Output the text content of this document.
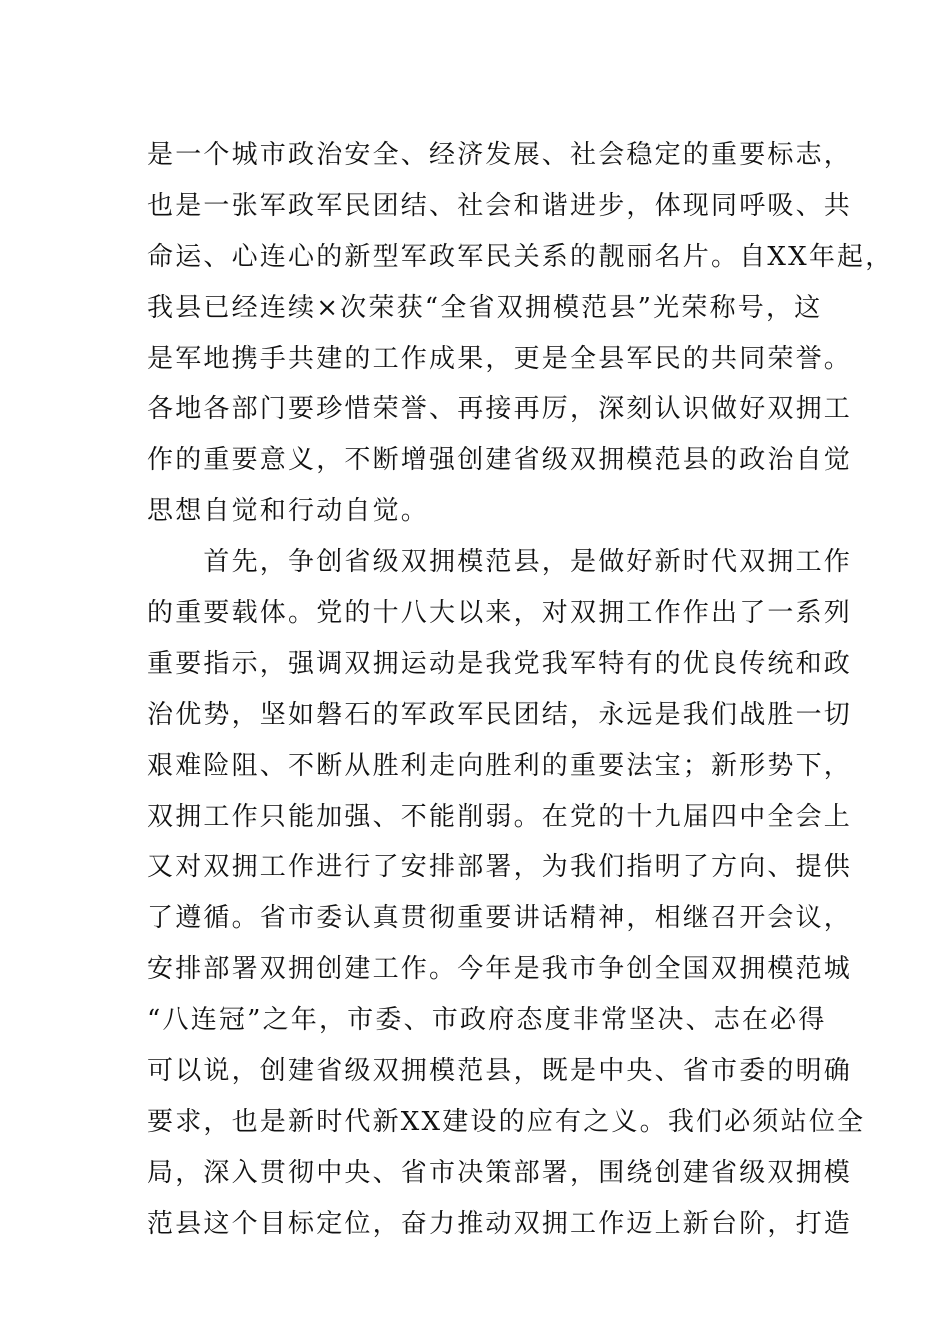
是一个城市政治安全、经济发展、社会稳定的重要标志，
也是一张军政军民团结、社会和谐进步，体现同呼吸、共
命运、心连心的新型军政军民关系的靓丽名片。自XX年起，
我县已经连续×次荣获“全省双拥模范县”光荣称号，这
是军地携手共建的工作成果，更是全县军民的共同荣誉。
各地各部门要珍惜荣誉、再接再厉，深刻认识做好双拥工
作的重要意义，不断增强创建省级双拥模范县的政治自觉
思想自觉和行动自觉。
　　首先，争创省级双拥模范县，是做好新时代双拥工作
的重要载体。党的十八大以来，对双拥工作作出了一系列
重要指示，强调双拥运动是我党我军特有的优良传统和政
治优势，坚如磐石的军政军民团结，永远是我们战胜一切
艰难险阻、不断从胜利走向胜利的重要法宝；新形势下，
双拥工作只能加强、不能削弱。在党的十九届四中全会上
又对双拥工作进行了安排部署，为我们指明了方向、提供
了遵循。省市委认真贯彻重要讲话精神，相继召开会议，
安排部署双拥创建工作。今年是我市争创全国双拥模范城
“八连冠”之年，市委、市政府态度非常坚决、志在必得
可以说，创建省级双拥模范县，既是中央、省市委的明确
要求，也是新时代新XX建设的应有之义。我们必须站位全
局，深入贯彻中央、省市决策部署，围绕创建省级双拥模
范县这个目标定位，奋力推动双拥工作迈上新台阶，打造
